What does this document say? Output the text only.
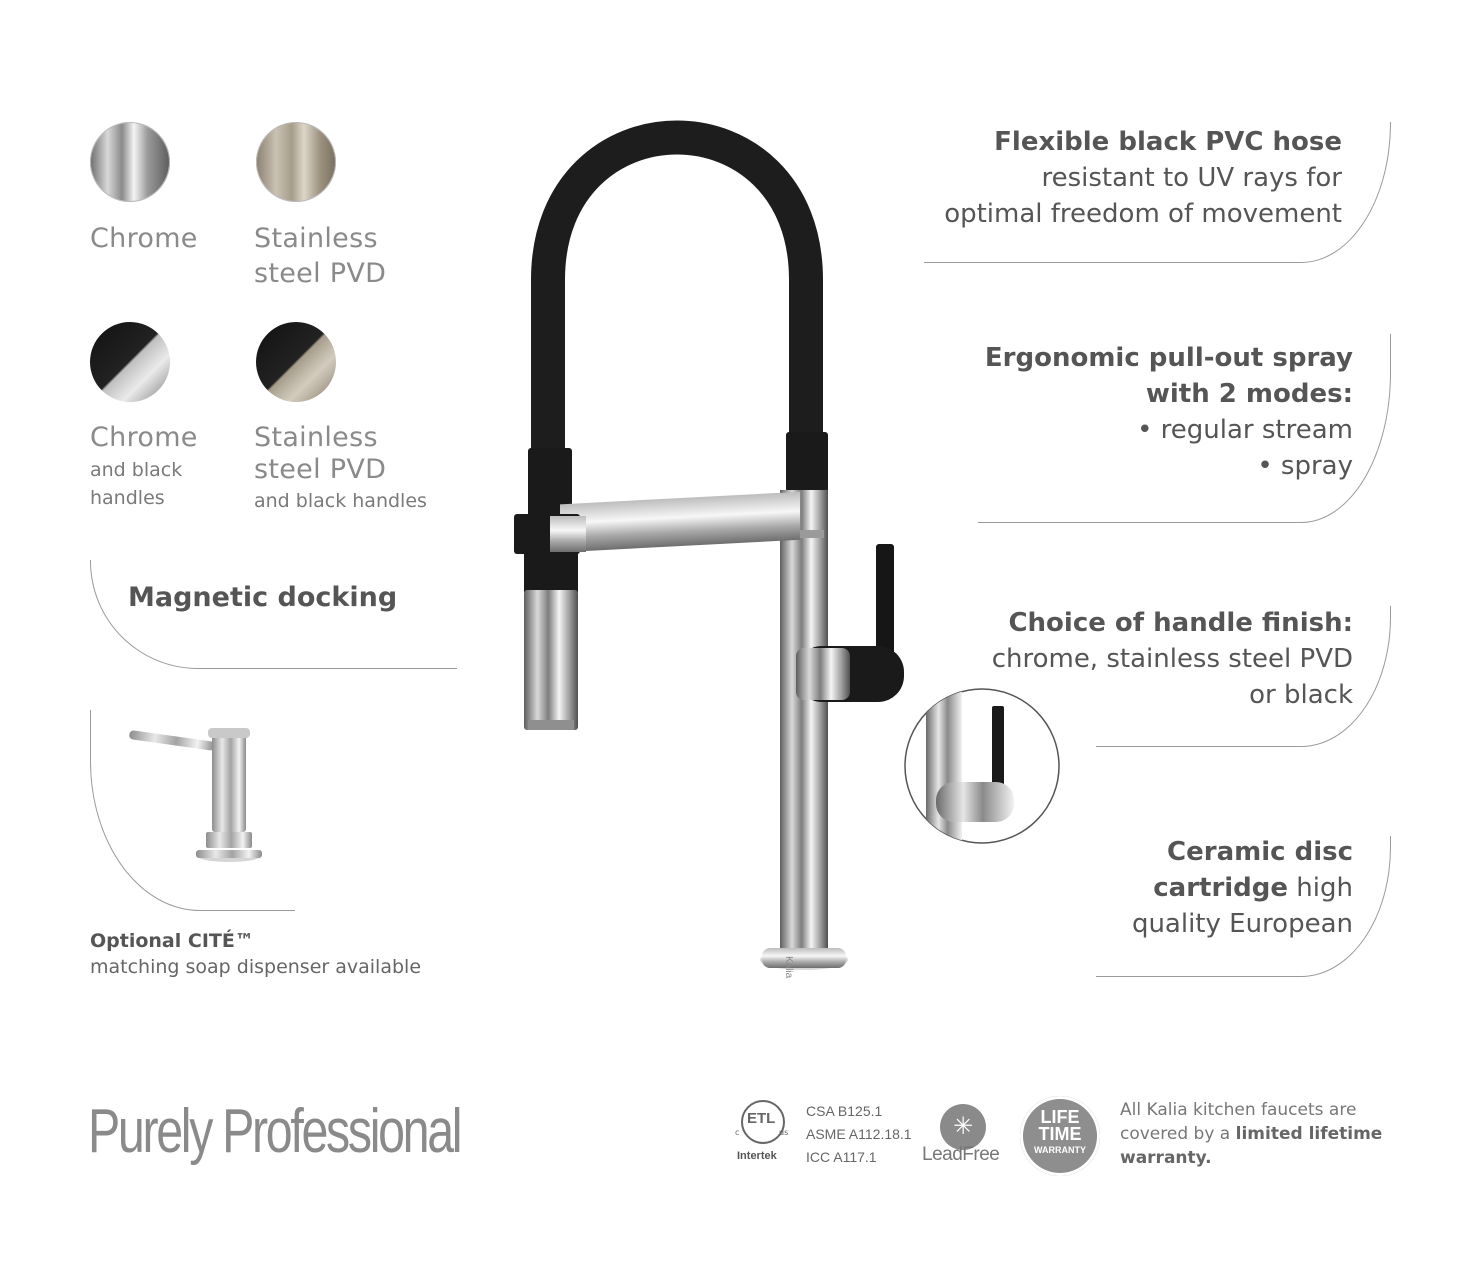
Chrome Stainless
steel PVD
Chrome
and black
handles
Stainless
steel PVD
and black handles
Magnetic docking
Optional CITÉ™
matching soap dispenser available	Kalia
Flexible black PVC hose
resistant to UV rays for
optimal freedom of movement
Ergonomic pull-out spray
with 2 modes:
• regular stream
• spray
Choice of handle finish:
chrome, stainless steel PVD
or black
Ceramic disc
cartridge high
quality European
Purely Professional	ETL
c	us
Intertek
CSA B125.1
ASME A112.18.1
ICC A117.1
✳
LeadFree
LIFE
TIME
WARRANTY
All Kalia kitchen faucets are
covered by a limited lifetime
warranty.
